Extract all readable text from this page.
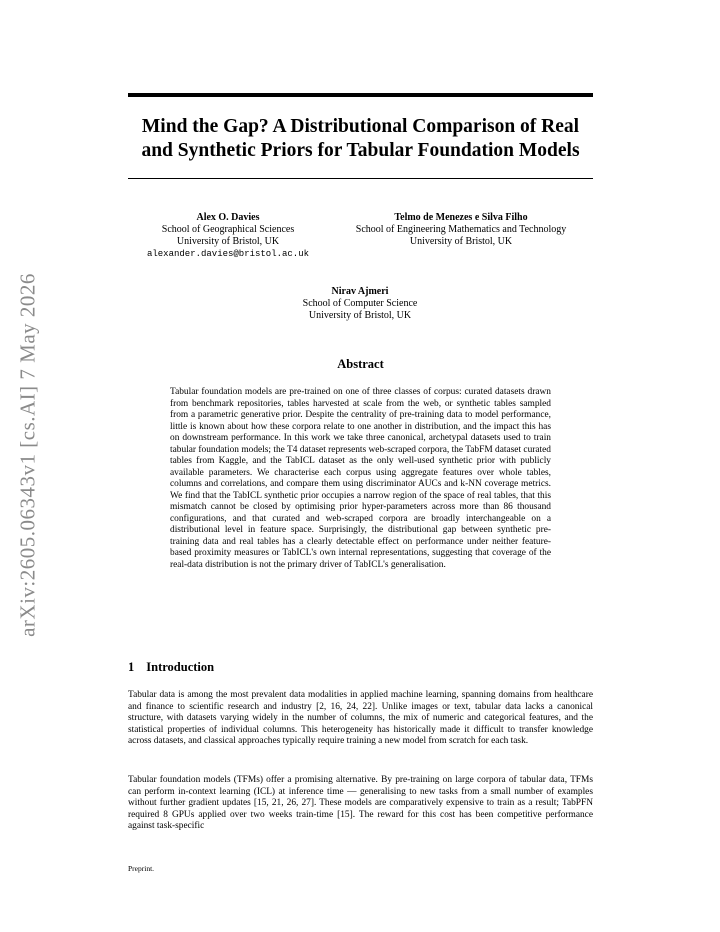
arXiv:2605.06343v1 [cs.AI] 7 May 2026
Mind the Gap? A Distributional Comparison of Real and Synthetic Priors for Tabular Foundation Models
Alex O. Davies
School of Geographical Sciences
University of Bristol, UK
alexander.davies@bristol.ac.uk
Telmo de Menezes e Silva Filho
School of Engineering Mathematics and Technology
University of Bristol, UK
Nirav Ajmeri
School of Computer Science
University of Bristol, UK
Abstract

Tabular foundation models are pre-trained on one of three classes of corpus: curated datasets drawn from benchmark repositories, tables harvested at scale from the web, or synthetic tables sampled from a parametric generative prior. Despite the centrality of pre-training data to model performance, little is known about how these corpora relate to one another in distribution, and the impact this has on downstream performance. In this work we take three canonical, archetypal datasets used to train tabular foundation models; the T4 dataset represents web-scraped corpora, the TabFM dataset curated tables from Kaggle, and the TabICL dataset as the only well-used synthetic prior with publicly available parameters. We characterise each corpus using aggregate features over whole tables, columns and correlations, and compare them using discriminator AUCs and k-NN coverage metrics. We find that the TabICL synthetic prior occupies a narrow region of the space of real tables, that this mismatch cannot be closed by optimising prior hyper-parameters across more than 86 thousand configurations, and that curated and web-scraped corpora are broadly interchangeable on a distributional level in feature space. Surprisingly, the distributional gap between synthetic pre-training data and real tables has a clearly detectable effect on performance under neither feature-based proximity measures or TabICL's own internal representations, suggesting that coverage of the real-data distribution is not the primary driver of TabICL's generalisation.

1 Introduction

Tabular data is among the most prevalent data modalities in applied machine learning, spanning domains from healthcare and finance to scientific research and industry [2, 16, 24, 22]. Unlike images or text, tabular data lacks a canonical structure, with datasets varying widely in the number of columns, the mix of numeric and categorical features, and the statistical properties of individual columns. This heterogeneity has historically made it difficult to transfer knowledge across datasets, and classical approaches typically require training a new model from scratch for each task.

Tabular foundation models (TFMs) offer a promising alternative. By pre-training on large corpora of tabular data, TFMs can perform in-context learning (ICL) at inference time — generalising to new tasks from a small number of examples without further gradient updates [15, 21, 26, 27]. These models are comparatively expensive to train as a result; TabPFN required 8 GPUs applied over two weeks train-time [15]. The reward for this cost has been competitive performance against task-specific

Preprint.
